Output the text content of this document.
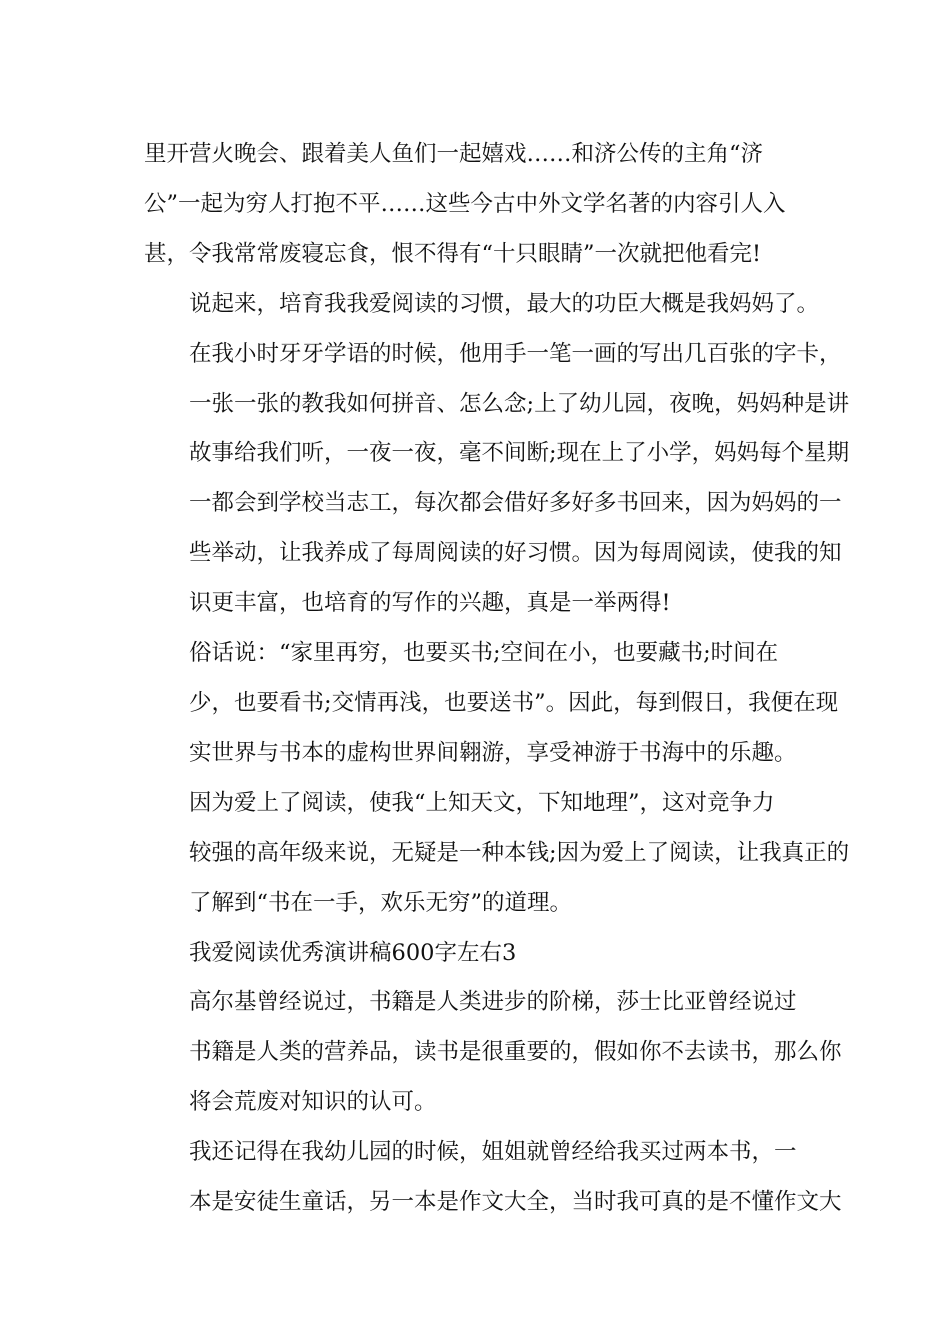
里开营火晚会、跟着美人鱼们一起嬉戏……和济公传的主角“济
公”一起为穷人打抱不平……这些今古中外文学名著的内容引人入
甚，令我常常废寝忘食，恨不得有“十只眼睛”一次就把他看完!

说起来，培育我我爱阅读的习惯，最大的功臣大概是我妈妈了。
在我小时牙牙学语的时候，他用手一笔一画的写出几百张的字卡，
一张一张的教我如何拼音、怎么念;上了幼儿园，夜晚，妈妈种是讲
故事给我们听，一夜一夜，毫不间断;现在上了小学，妈妈每个星期
一都会到学校当志工，每次都会借好多好多书回来，因为妈妈的一
些举动，让我养成了每周阅读的好习惯。因为每周阅读，使我的知
识更丰富，也培育的写作的兴趣，真是一举两得!

俗话说：“家里再穷，也要买书;空间在小，也要藏书;时间在
少，也要看书;交情再浅，也要送书”。因此，每到假日，我便在现
实世界与书本的虚构世界间翱游，享受神游于书海中的乐趣。

因为爱上了阅读，使我“上知天文，下知地理”，这对竞争力
较强的高年级来说，无疑是一种本钱;因为爱上了阅读，让我真正的
了解到“书在一手，欢乐无穷”的道理。

我爱阅读优秀演讲稿600字左右3

高尔基曾经说过，书籍是人类进步的阶梯，莎士比亚曾经说过
书籍是人类的营养品，读书是很重要的，假如你不去读书，那么你
将会荒废对知识的认可。

我还记得在我幼儿园的时候，姐姐就曾经给我买过两本书，一
本是安徒生童话，另一本是作文大全，当时我可真的是不懂作文大
